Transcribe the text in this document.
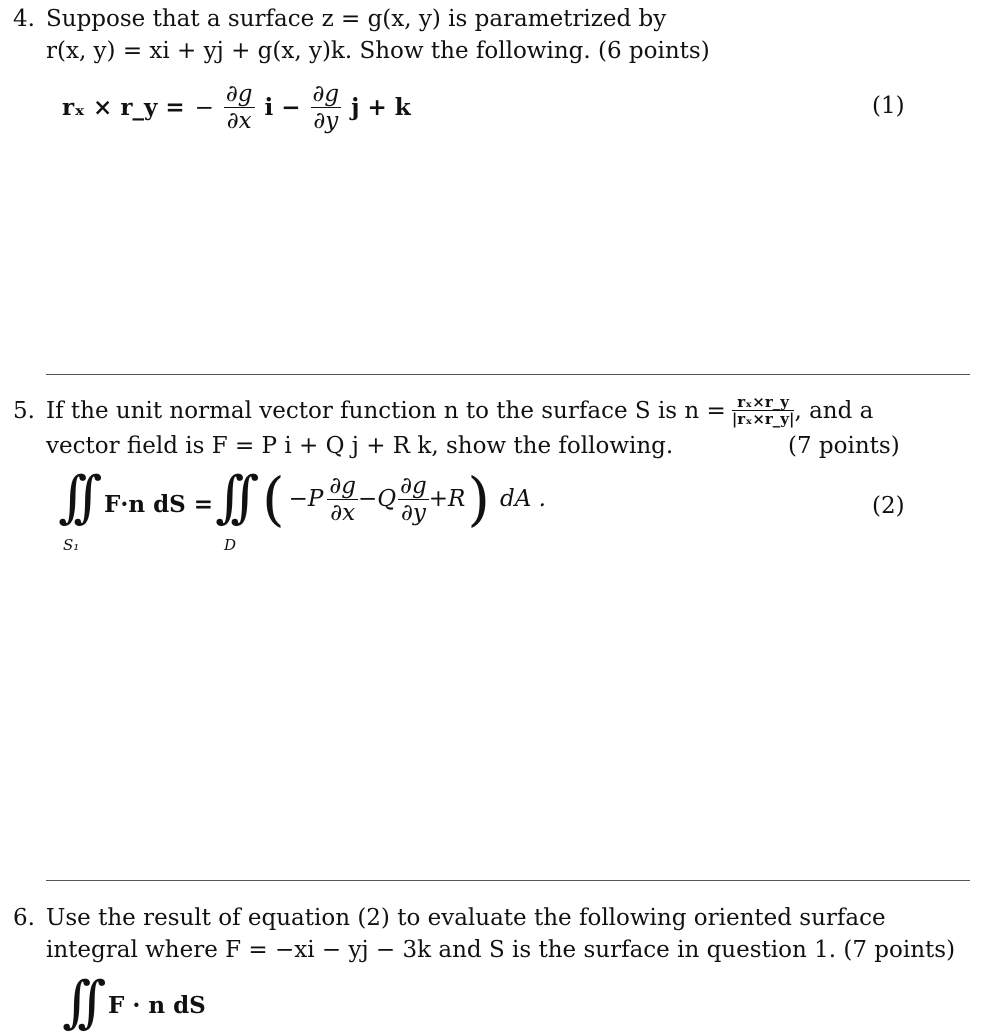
4. Suppose that a surface z = g(x, y) is parametrized by
r(x, y) = xi + yj + g(x, y)k. Show the following. (6 points)
rₓ × r_y = − $\frac{\partial g}{\partial x}$ $i - \frac{\partial g}{\partial y}$ j + k	(1)
5. If the unit normal vector function n to the surface S is $n = \frac{\text{rₓ×r\_y}}{\text{|rₓ×r\_y|}}$ , and a
vector field is F = P i + Q j + R k, show the following.	(7 points)
∫∫
S₁
F·n dS = ∫∫
D
( $-P \frac{\partial g}{\partial x} -Q \frac{\partial g}{\partial y} +R$ ) dA .	(2)
6. Use the result of equation (2) to evaluate the following oriented surface
integral where F = −xi − yj − 3k and S is the surface in question 1. (7 points)
∫∫ F · n dS
